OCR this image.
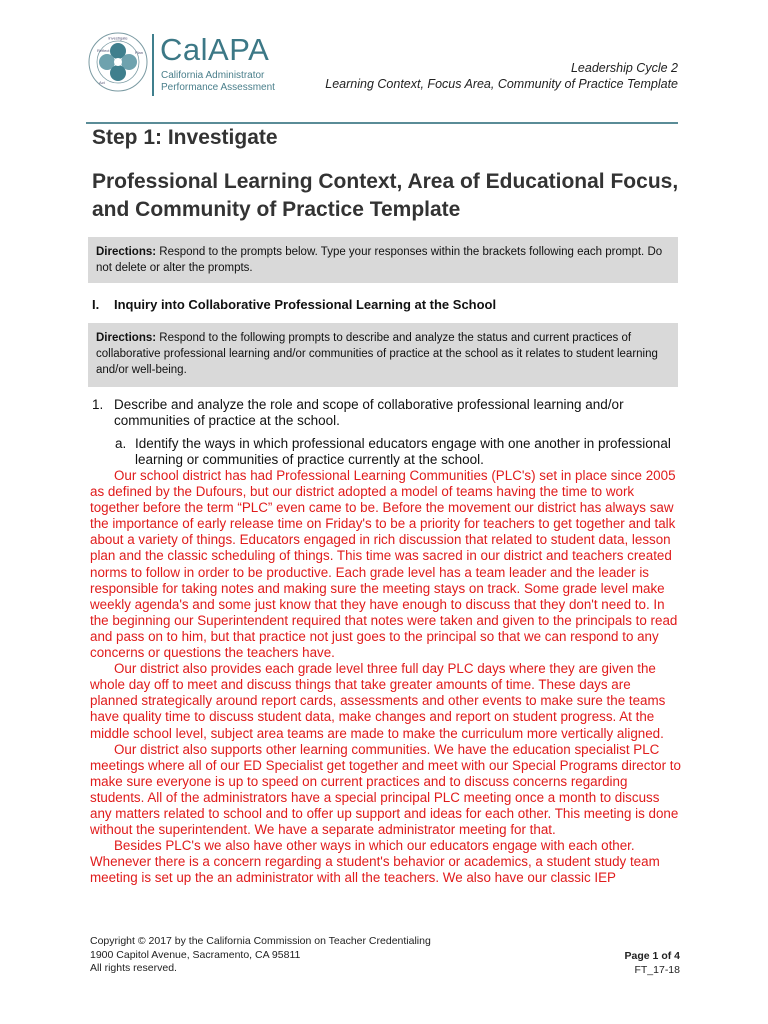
Investigate
Reflect	Plan
Act
CalAPA
California Administrator
Performance Assessment
Leadership Cycle 2
Learning Context, Focus Area, Community of Practice Template
Step 1: Investigate
Professional Learning Context, Area of Educational Focus, and Community of Practice Template
Directions: Respond to the prompts below. Type your responses within the brackets following each prompt. Do not delete or alter the prompts.
I. Inquiry into Collaborative Professional Learning at the School
Directions: Respond to the following prompts to describe and analyze the status and current practices of collaborative professional learning and/or communities of practice at the school as it relates to student learning and/or well-being.
1. Describe and analyze the role and scope of collaborative professional learning and/or communities of practice at the school.
a. Identify the ways in which professional educators engage with one another in professional learning or communities of practice currently at the school.

Our school district has had Professional Learning Communities (PLC's) set in place since 2005 as defined by the Dufours, but our district adopted a model of teams having the time to work together before the term “PLC” even came to be. Before the movement our district has always saw the importance of early release time on Friday's to be a priority for teachers to get together and talk about a variety of things. Educators engaged in rich discussion that related to student data, lesson plan and the classic scheduling of things. This time was sacred in our district and teachers created norms to follow in order to be productive. Each grade level has a team leader and the leader is responsible for taking notes and making sure the meeting stays on track. Some grade level make weekly agenda's and some just know that they have enough to discuss that they don't need to. In the beginning our Superintendent required that notes were taken and given to the principals to read and pass on to him, but that practice not just goes to the principal so that we can respond to any concerns or questions the teachers have.

Our district also provides each grade level three full day PLC days where they are given the whole day off to meet and discuss things that take greater amounts of time. These days are planned strategically around report cards, assessments and other events to make sure the teams have quality time to discuss student data, make changes and report on student progress. At the middle school level, subject area teams are made to make the curriculum more vertically aligned.

Our district also supports other learning communities. We have the education specialist PLC meetings where all of our ED Specialist get together and meet with our Special Programs director to make sure everyone is up to speed on current practices and to discuss concerns regarding students. All of the administrators have a special principal PLC meeting once a month to discuss any matters related to school and to offer up support and ideas for each other. This meeting is done without the superintendent. We have a separate administrator meeting for that.

Besides PLC's we also have other ways in which our educators engage with each other. Whenever there is a concern regarding a student's behavior or academics, a student study team meeting is set up the an administrator with all the teachers. We also have our classic IEP

Copyright © 2017 by the California Commission on Teacher Credentialing
1900 Capitol Avenue, Sacramento, CA 95811
All rights reserved.
Page 1 of 4
FT_17-18
